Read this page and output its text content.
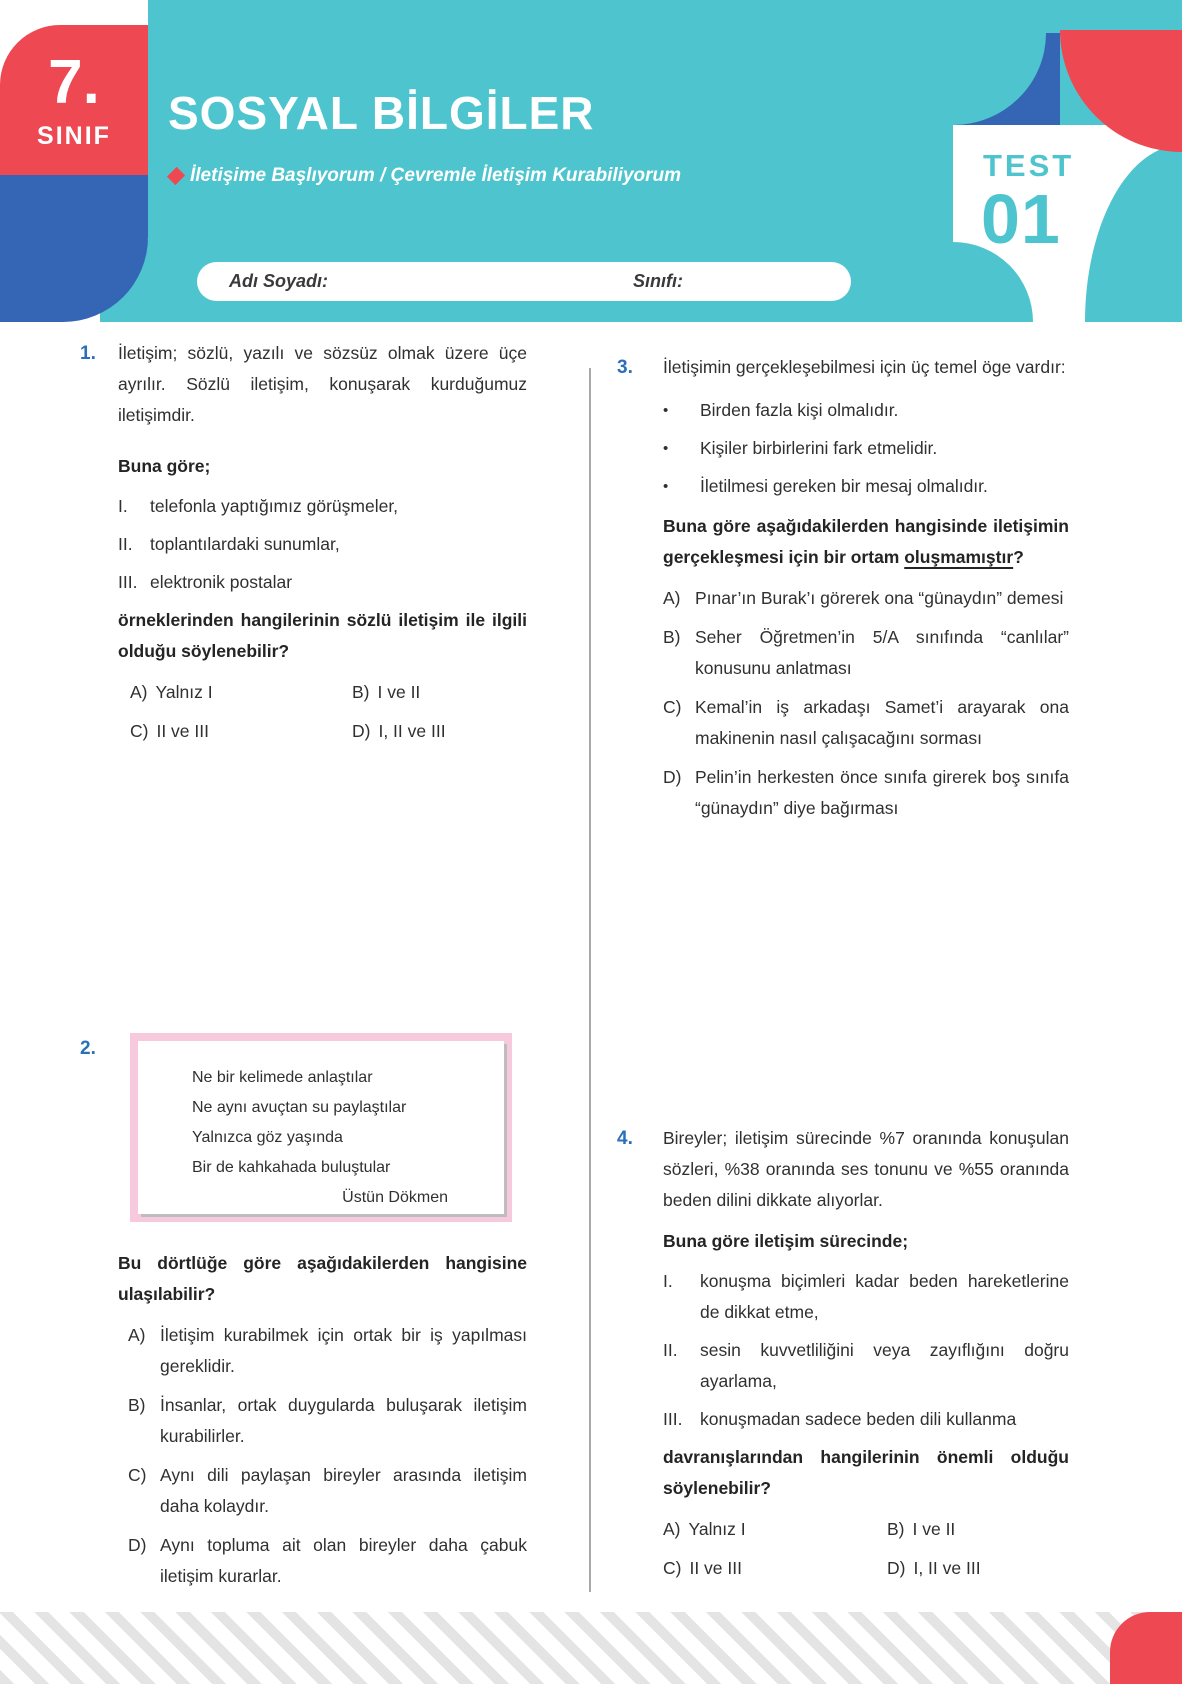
7.
SINIF	SOSYAL BİLGİLER
İletişime Başlıyorum / Çevremle İletişim Kurabiliyorum
Adı Soyadı:	Sınıfı:
TEST
01
1. İletişim; sözlü, yazılı ve sözsüz olmak üzere üçe ayrılır. Sözlü iletişim, konuşarak kurduğumuz iletişimdir.

Buna göre;

I.	telefonla yaptığımız görüşmeler,
II. toplantılardaki sunumlar,
III. elektronik postalar

örneklerinden hangilerinin sözlü iletişim ile ilgili olduğu söylenebilir?

A) Yalnız I	B) I ve II
C) II ve III	D) I, II ve III
2.

Ne bir kelimede anlaştılar

Ne aynı avuçtan su paylaştılar

Yalnızca göz yaşında

Bir de kahkahada buluştular

Üstün Dökmen

Bu dörtlüğe göre aşağıdakilerden hangisine ulaşılabilir?

A) İletişim kurabilmek için ortak bir iş yapılması gereklidir.
B) İnsanlar, ortak duygularda buluşarak iletişim kurabilirler.
C) Aynı dili paylaşan bireyler arasında iletişim daha kolaydır.
D) Aynı topluma ait olan bireyler daha çabuk iletişim kurarlar.
3. İletişimin gerçekleşebilmesi için üç temel öge vardır:

•	Birden fazla kişi olmalıdır.
•	Kişiler birbirlerini fark etmelidir.
•	İletilmesi gereken bir mesaj olmalıdır.

Buna göre aşağıdakilerden hangisinde iletişimin gerçekleşmesi için bir ortam oluşmamıştır?

A) Pınar’ın Burak’ı görerek ona “günaydın” demesi
B) Seher Öğretmen’in 5/A sınıfında “canlılar” konusunu anlatması
C) Kemal’in iş arkadaşı Samet’i arayarak ona makinenin nasıl çalışacağını sorması
D) Pelin’in herkesten önce sınıfa girerek boş sınıfa “günaydın” diye bağırması
4. Bireyler; iletişim sürecinde %7 oranında konuşulan sözleri, %38 oranında ses tonunu ve %55 oranında beden dilini dikkate alıyorlar.

Buna göre iletişim sürecinde;

I.	konuşma biçimleri kadar beden hareketlerine de dikkat etme,
II.	sesin kuvvetliliğini veya zayıflığını doğru ayarlama,
III.	konuşmadan sadece beden dili kullanma

davranışlarından hangilerinin önemli olduğu söylenebilir?

A) Yalnız I	B) I ve II
C) II ve III	D) I, II ve III
